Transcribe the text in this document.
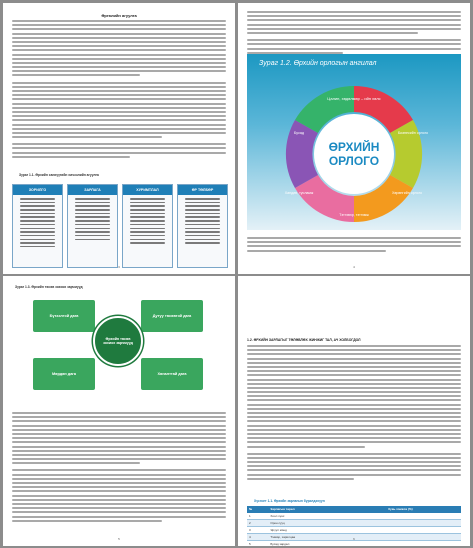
Өргөлийн агуулга
Зураг 1.1. Өрхийн санхүүгийн хичээлийн агуулга
ЗОРИЛГО	ЗАРЛАГА	ХУРИМТЛАЛ	ӨР ТӨЛБӨР
3
Зураг 1.2. Өрхийн орлогын ангилал
ӨРХИЙН
ОРЛОГО
Цалин, хөдөлмөр – ийн хөлс
Бизнесийн орлого
Хөрөнгийн орлого
Тэтгэвэр, тэтгэмж
Хандив, тусламж
Бусад
4
Зураг 1.3. Өрхийн төсөв зохиох зарчмууд
Бүтээлтэй дага	Дутуу төсөвтэй дага
Мөрдөн дага	Хяналттай дага
Өрхийн төсөв зохиох зарчмууд
5
1.2. ӨРХИЙН ЗАРЛАГЫГ ТӨЛӨВЛӨХ ЖИНЖИГ ТАЛ, АЧ ХОЛБОГДОЛ
Хүснэгт 1.1. Өрхийн зарлагын бүрэлдэхүүн
№	Зарлагын төрөл	Хувь хэмжээ (%)
1	Хоол хүнс	
2	Орон сууц	
3	Эрүүл мэнд	
4	Тээвэр, харилцаа	
5	Бусад зардал	
6
